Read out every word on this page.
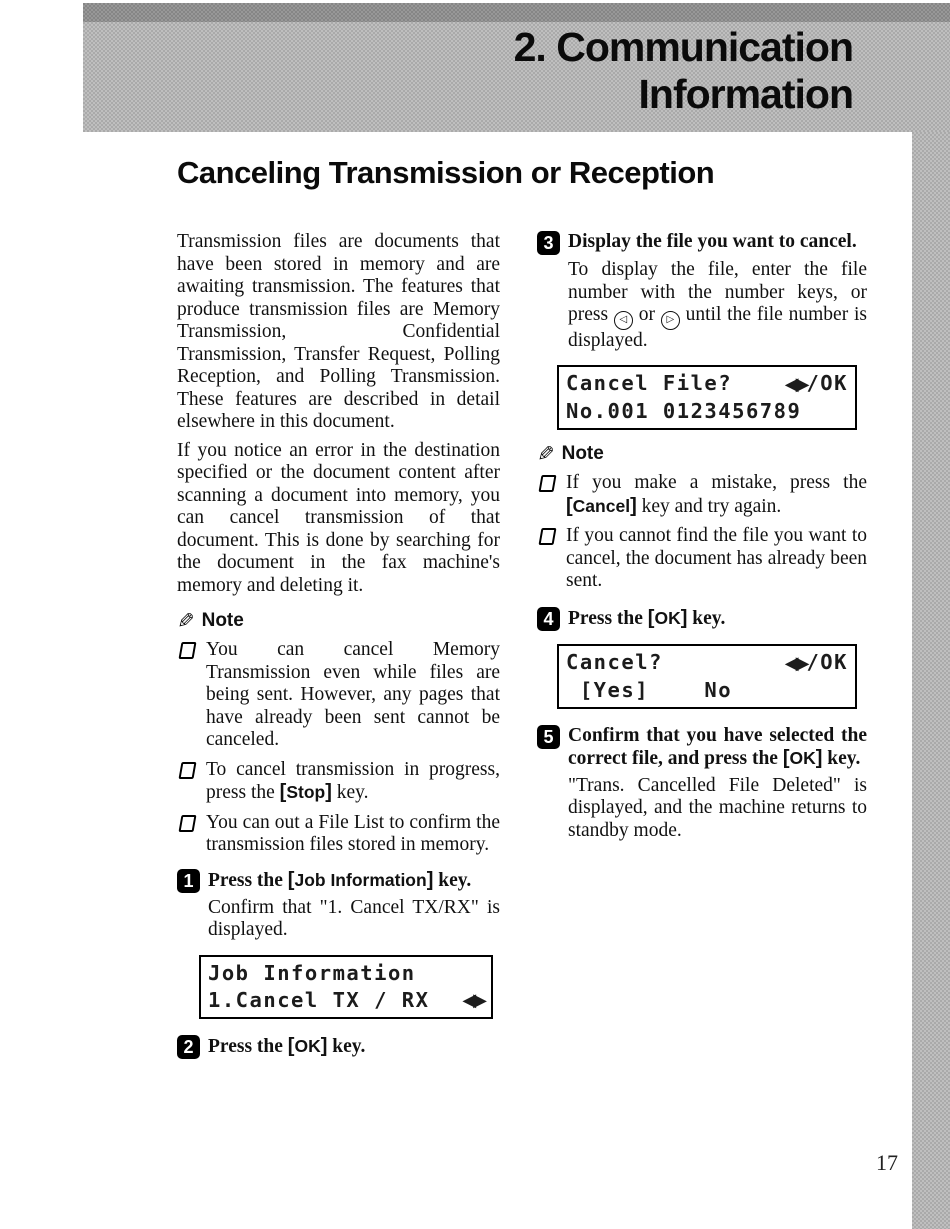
2. Communication
Information
Canceling Transmission or Reception

Transmission files are documents that have been stored in memory and are awaiting transmission. The features that produce transmission files are Memory Transmission, Confidential Transmission, Transfer Request, Polling Reception, and Polling Transmission. These features are described in detail elsewhere in this document.

If you notice an error in the destination specified or the document content after scanning a document into memory, you can cancel transmission of that document. This is done by searching for the document in the fax machine's memory and deleting it.

✎ Note

You can cancel Memory Transmission even while files are being sent. However, any pages that have already been sent cannot be canceled.

To cancel transmission in progress, press the [ Stop ] key.

You can out a File List to confirm the transmission files stored in memory.

1 Press the [ Job Information ] key.

Confirm that "1. Cancel TX/RX" is displayed.

Job Information
1.Cancel TX / RX ◀▶
2 Press the [ OK ] key.
3 Display the file you want to cancel.

To display the file, enter the file number with the number keys, or press ◁ or ▷ until the file number is displayed.

Cancel File?	◀▶/OK
No.001 0123456789
✎ Note

If you make a mistake, press the [ Cancel ] key and try again.

If you cannot find the file you want to cancel, the document has already been sent.

4 Press the [ OK ] key.
Cancel?	◀▶/OK
[Yes]    No
5 Confirm that you have selected the correct file, and press the [ OK ] key.

"Trans. Cancelled File Deleted" is displayed, and the machine returns to standby mode.

17
